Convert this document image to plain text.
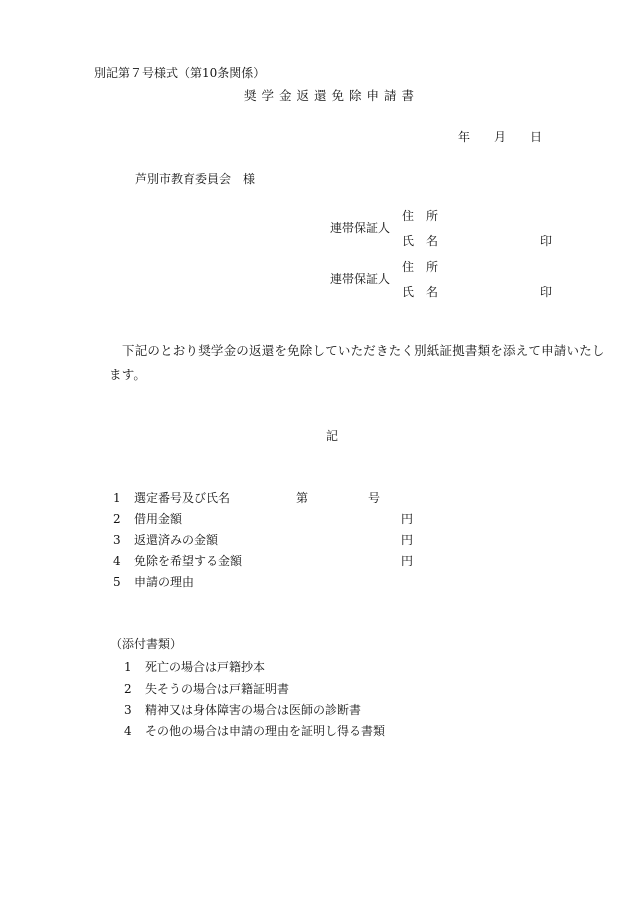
別記第７号様式（第10条関係）
奨学金返還免除申請書
年 月 日
芦別市教育委員会　様
連帯保証人
住　所
氏　名	印
連帯保証人
住　所
氏　名	印
下記のとおり奨学金の返還を免除していただきたく別紙証拠書類を添えて申請いたし
ます。
記
1 選定番号及び氏名	第	号
2 借用金額	円
3 返還済みの金額	円
4 免除を希望する金額	円
5 申請の理由
（添付書類）
1 死亡の場合は戸籍抄本
2 失そうの場合は戸籍証明書
3 精神又は身体障害の場合は医師の診断書
4 その他の場合は申請の理由を証明し得る書類
